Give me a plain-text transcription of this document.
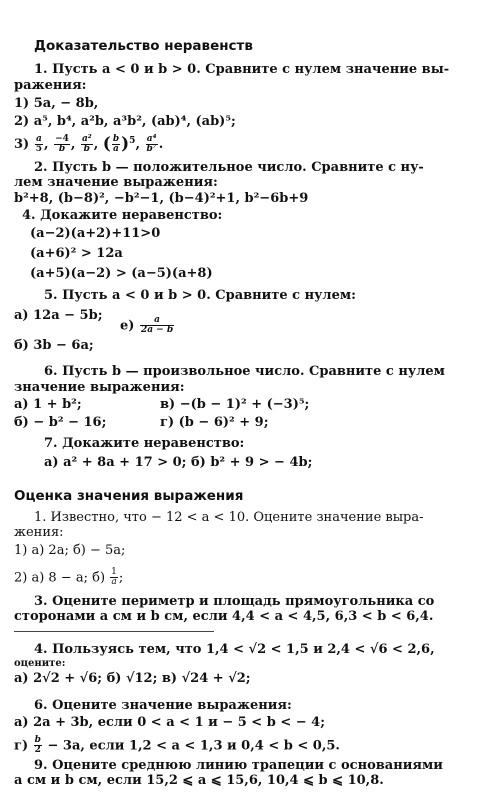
Доказательство неравенств
1. Пусть a < 0 и b > 0. Сравните с нулем значение вы-
ражения:
1) 5a, − 8b,
2) a⁵, b⁴, a²b, a³b², (ab)⁴, (ab)⁵;
$3) \frac{a}{5}$ , $\frac{-4}{b}$ , $\frac{\text{a²}}{b}$ , ( $\frac{b}{a} )^5$, $\frac{\text{a⁴}}{\text{b⁷}}$ .
2. Пусть b — положительное число. Сравните с ну-
лем значение выражения:
b²+8, (b−8)², −b²−1, (b−4)²+1, b²−6b+9
4. Докажите неравенство:
(a−2)(a+2)+11>0
(a+6)² > 12a
(a+5)(a−2) > (a−5)(a+8)
5. Пусть a < 0 и b > 0. Сравните с нулем:
а) 12a − 5b;
$е) \frac{a}{2a - b}$
б) 3b − 6a;
6. Пусть b — произвольное число. Сравните с нулем
значение выражения:
а) 1 + b²;	в) −(b − 1)² + (−3)⁵;
б) − b² − 16;	г) (b − 6)² + 9;
7. Докажите неравенство:
а) a² + 8a + 17 > 0; б) b² + 9 > − 4b;
Оценка значения выражения
1. Известно, что − 12 < a < 10. Оцените значение выра-
жения:
1) а) 2a; б) − 5a;
2) а) 8 − a; $б) \frac{1}{a}$ ;
3. Оцените периметр и площадь прямоугольника со
сторонами a см и b см, если 4,4 < a < 4,5, 6,3 < b < 6,4.
4. Пользуясь тем, что 1,4 < √2 < 1,5 и 2,4 < √6 < 2,6,
оцените:
а) 2√2 + √6; б) √12; в) √24 + √2;
6. Оцените значение выражения:
а) 2a + 3b, если 0 < a < 1 и − 5 < b < − 4;
$г) \frac{b}{2} - 3a$, если 1,2 < a < 1,3 и 0,4 < b < 0,5.
9. Оцените среднюю линию трапеции с основаниями
a см и b см, если 15,2 ⩽ a ⩽ 15,6, 10,4 ⩽ b ⩽ 10,8.
